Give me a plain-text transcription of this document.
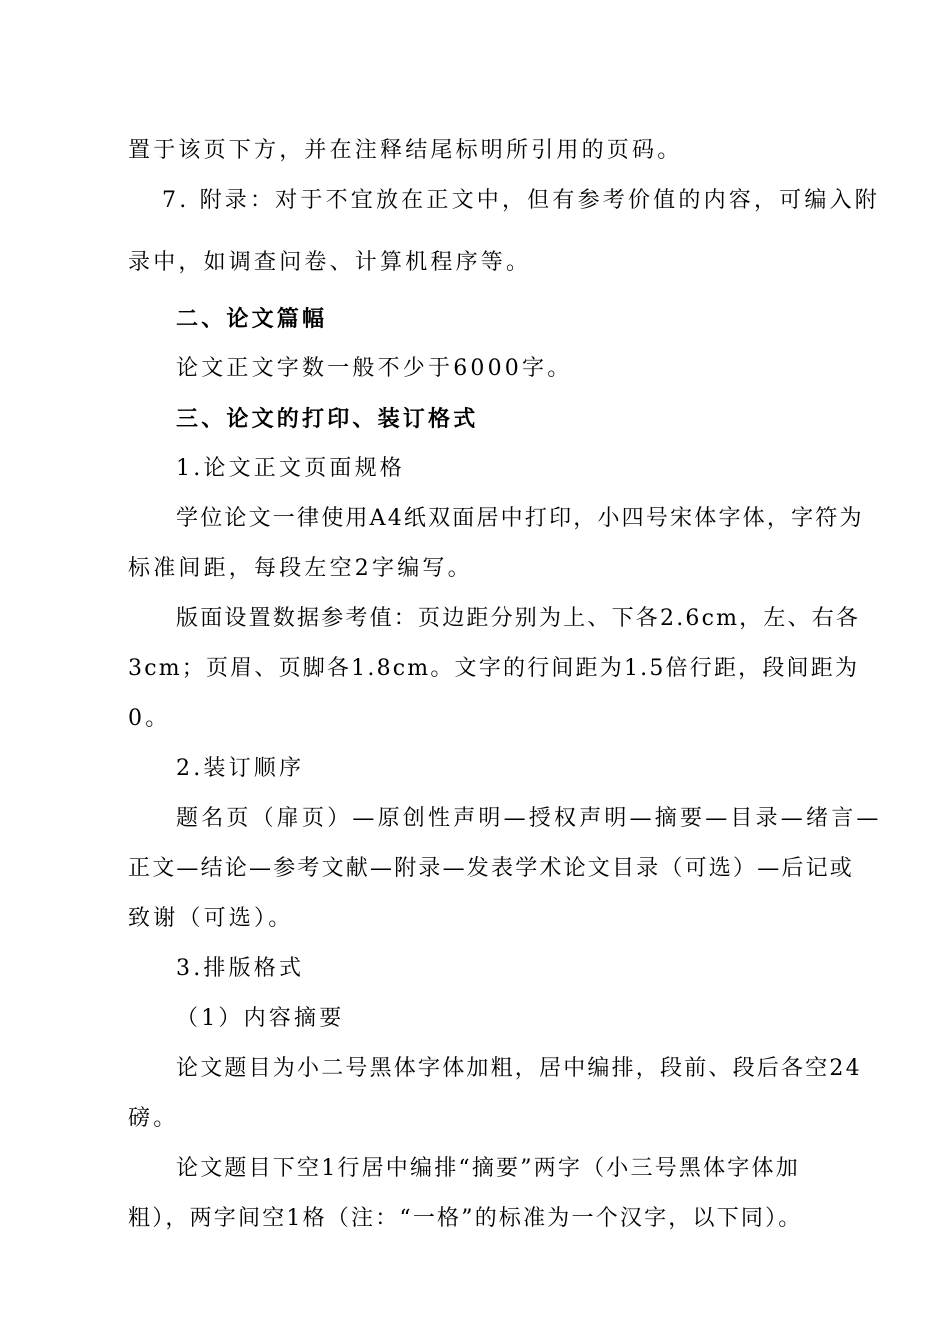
置于该页下方，并在注释结尾标明所引用的页码。
7. 附录：对于不宜放在正文中，但有参考价值的内容，可编入附
录中，如调查问卷、计算机程序等。
二、论文篇幅
论文正文字数一般不少于6000字。
三、论文的打印、装订格式
1.论文正文页面规格
学位论文一律使用A4纸双面居中打印，小四号宋体字体，字符为
标准间距，每段左空2字编写。
版面设置数据参考值：页边距分别为上、下各2.6cm，左、右各
3cm；页眉、页脚各1.8cm。文字的行间距为1.5倍行距，段间距为
0。
2.装订顺序
题名页（扉页）—原创性声明—授权声明—摘要—目录—绪言—
正文—结论—参考文献—附录—发表学术论文目录（可选）—后记或
致谢（可选）。
3.排版格式
（1）内容摘要
论文题目为小二号黑体字体加粗，居中编排，段前、段后各空24
磅。
论文题目下空1行居中编排“摘要”两字（小三号黑体字体加
粗），两字间空1格（注：“一格”的标准为一个汉字，以下同）。
